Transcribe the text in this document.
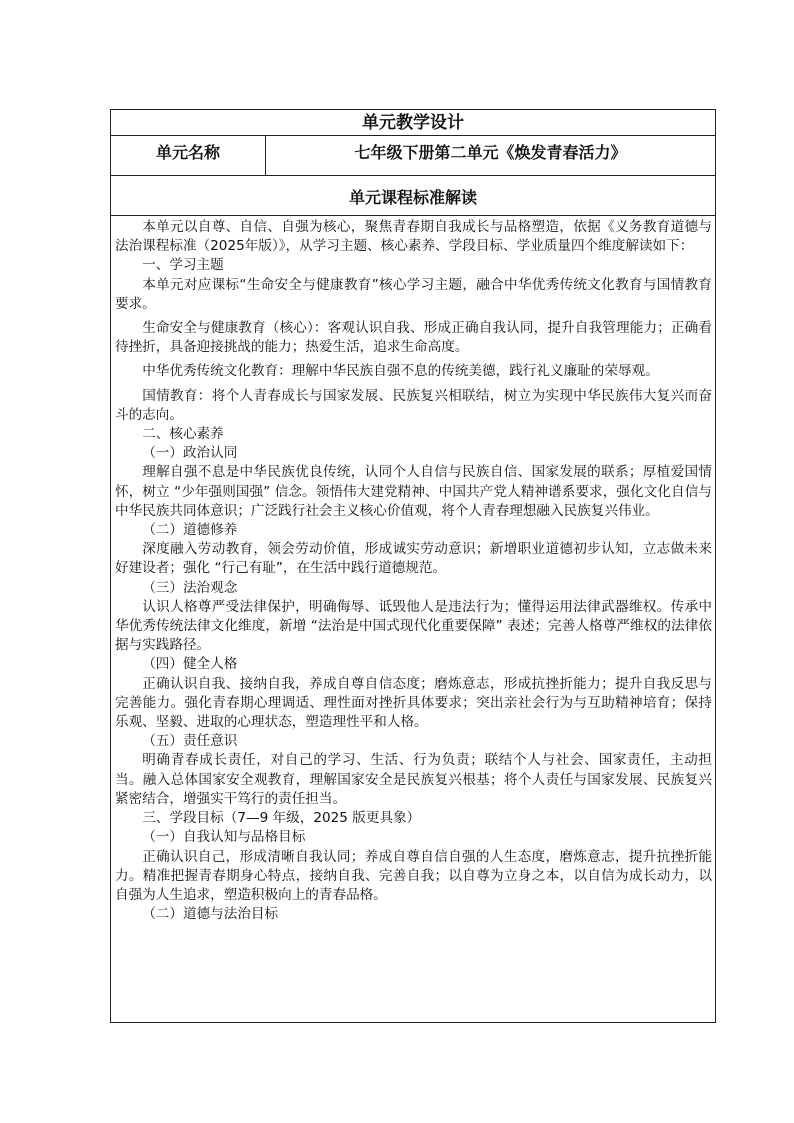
单元教学设计
单元名称	七年级下册第二单元《焕发青春活力》
单元课程标准解读

本单元以自尊、自信、自强为核心，聚焦青春期自我成长与品格塑造，依据《义务教育道德与法治课程标准（2025年版）》，从学习主题、核心素养、学段目标、学业质量四个维度解读如下：

一、学习主题

本单元对应课标“生命安全与健康教育”核心学习主题，融合中华优秀传统文化教育与国情教育要求。

生命安全与健康教育（核心）：客观认识自我、形成正确自我认同，提升自我管理能力；正确看待挫折，具备迎接挑战的能力；热爱生活，追求生命高度。

中华优秀传统文化教育：理解中华民族自强不息的传统美德，践行礼义廉耻的荣辱观。

国情教育：将个人青春成长与国家发展、民族复兴相联结，树立为实现中华民族伟大复兴而奋斗的志向。

二、核心素养

（一）政治认同

理解自强不息是中华民族优良传统，认同个人自信与民族自信、国家发展的联系；厚植爱国情怀，树立 “少年强则国强” 信念。领悟伟大建党精神、中国共产党人精神谱系要求，强化文化自信与中华民族共同体意识；广泛践行社会主义核心价值观，将个人青春理想融入民族复兴伟业。

（二）道德修养

深度融入劳动教育，领会劳动价值，形成诚实劳动意识；新增职业道德初步认知，立志做未来好建设者；强化 “行己有耻”，在生活中践行道德规范。

（三）法治观念

认识人格尊严受法律保护，明确侮辱、诋毁他人是违法行为；懂得运用法律武器维权。传承中华优秀传统法律文化维度，新增 “法治是中国式现代化重要保障” 表述；完善人格尊严维权的法律依据与实践路径。

（四）健全人格

正确认识自我、接纳自我，养成自尊自信态度；磨炼意志，形成抗挫折能力；提升自我反思与完善能力。强化青春期心理调适、理性面对挫折具体要求；突出亲社会行为与互助精神培育；保持乐观、坚毅、进取的心理状态，塑造理性平和人格。

（五）责任意识

明确青春成长责任，对自己的学习、生活、行为负责；联结个人与社会、国家责任，主动担当。融入总体国家安全观教育，理解国家安全是民族复兴根基；将个人责任与国家发展、民族复兴紧密结合，增强实干笃行的责任担当。

三、学段目标（7—9 年级，2025 版更具象）

（一）自我认知与品格目标

正确认识自己，形成清晰自我认同；养成自尊自信自强的人生态度，磨炼意志，提升抗挫折能力。精准把握青春期身心特点，接纳自我、完善自我；以自尊为立身之本，以自信为成长动力，以自强为人生追求，塑造积极向上的青春品格。

（二）道德与法治目标
